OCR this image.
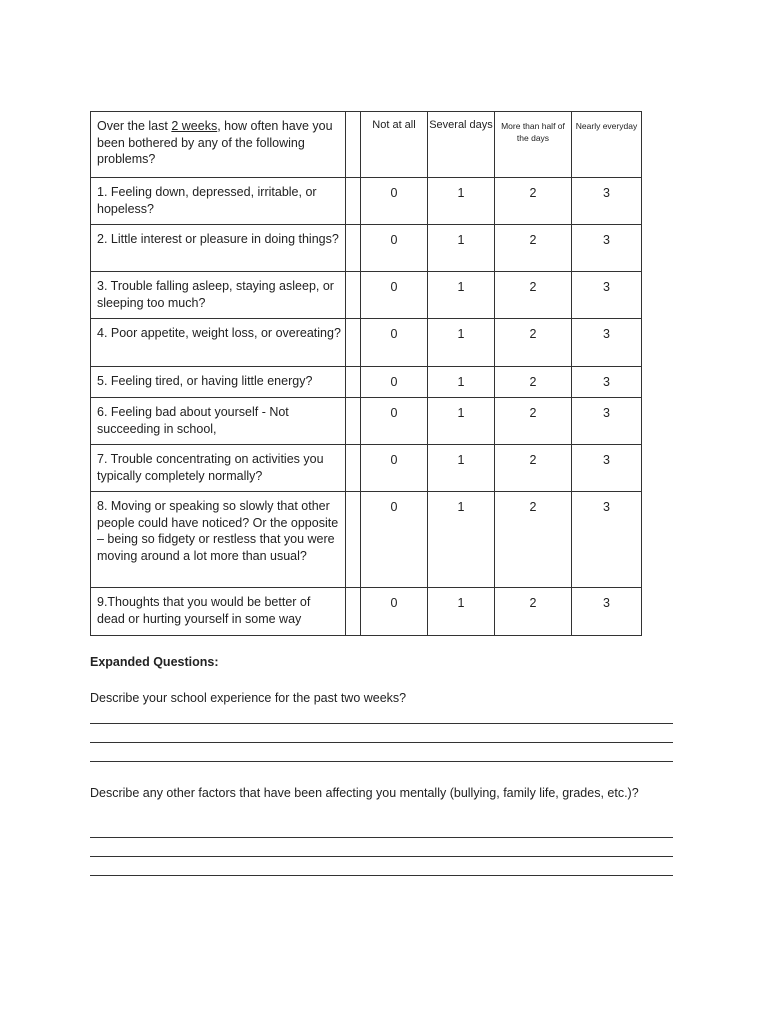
Over the last 2 weeks, how often have you been bothered by any of the following problems?		Not at all	Several days	More than half of the days	Nearly everyday
1. Feeling down, depressed, irritable, or hopeless?		0	1	2	3
2. Little interest or pleasure in doing things?		0	1	2	3
3. Trouble falling asleep, staying asleep, or sleeping too much?		0	1	2	3
4. Poor appetite, weight loss, or overeating?		0	1	2	3
5. Feeling tired, or having little energy?		0	1	2	3
6. Feeling bad about yourself - Not succeeding in school,		0	1	2	3
7. Trouble concentrating on activities you typically completely normally?		0	1	2	3
8. Moving or speaking so slowly that other people could have noticed? Or the opposite – being so fidgety or restless that you were moving around a lot more than usual?		0	1	2	3
9.Thoughts that you would be better of dead or hurting yourself in some way		0	1	2	3
Expanded Questions:
Describe your school experience for the past two weeks?
Describe any other factors that have been affecting you mentally (bullying, family life, grades, etc.)?
